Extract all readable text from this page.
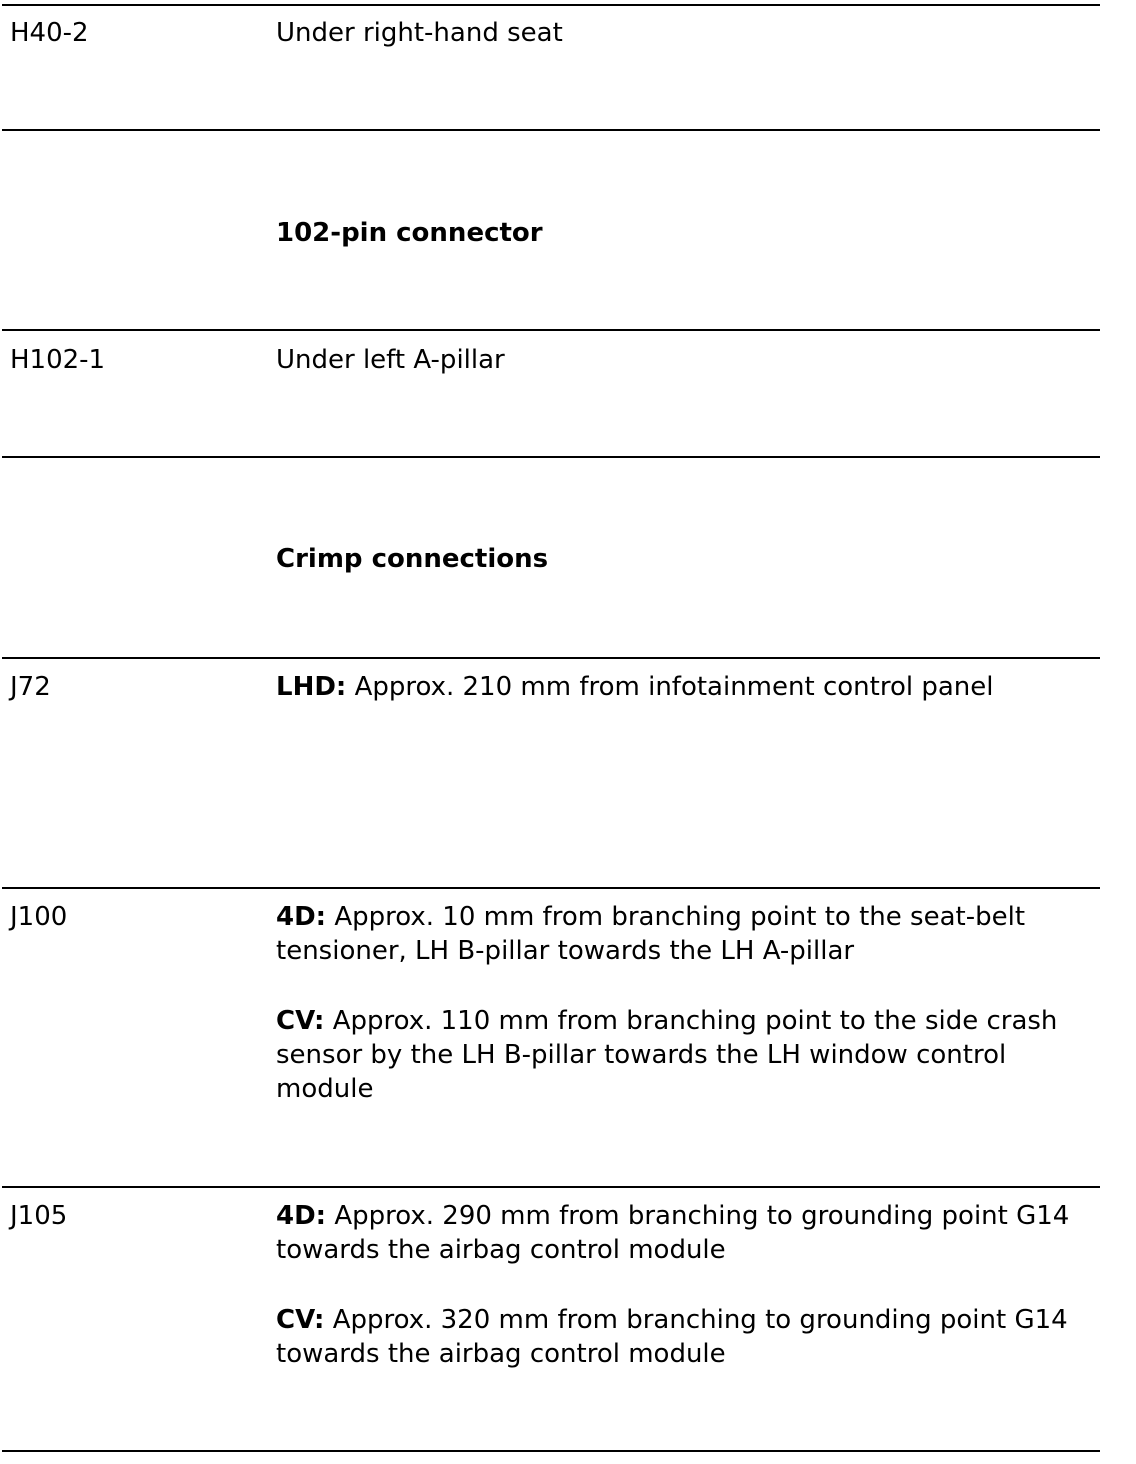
H40-2	Under right-hand seat
102-pin connector
H102-1	Under left A-pillar
Crimp connections
J72	LHD: Approx. 210 mm from infotainment control panel
J100	4D: Approx. 10 mm from branching point to the seat-belt tensioner, LH B-pillar towards the LH A-pillar

CV: Approx. 110 mm from branching point to the side crash sensor by the LH B-pillar towards the LH window control module

J105	4D: Approx. 290 mm from branching to grounding point G14 towards the airbag control module

CV: Approx. 320 mm from branching to grounding point G14 towards the airbag control module
